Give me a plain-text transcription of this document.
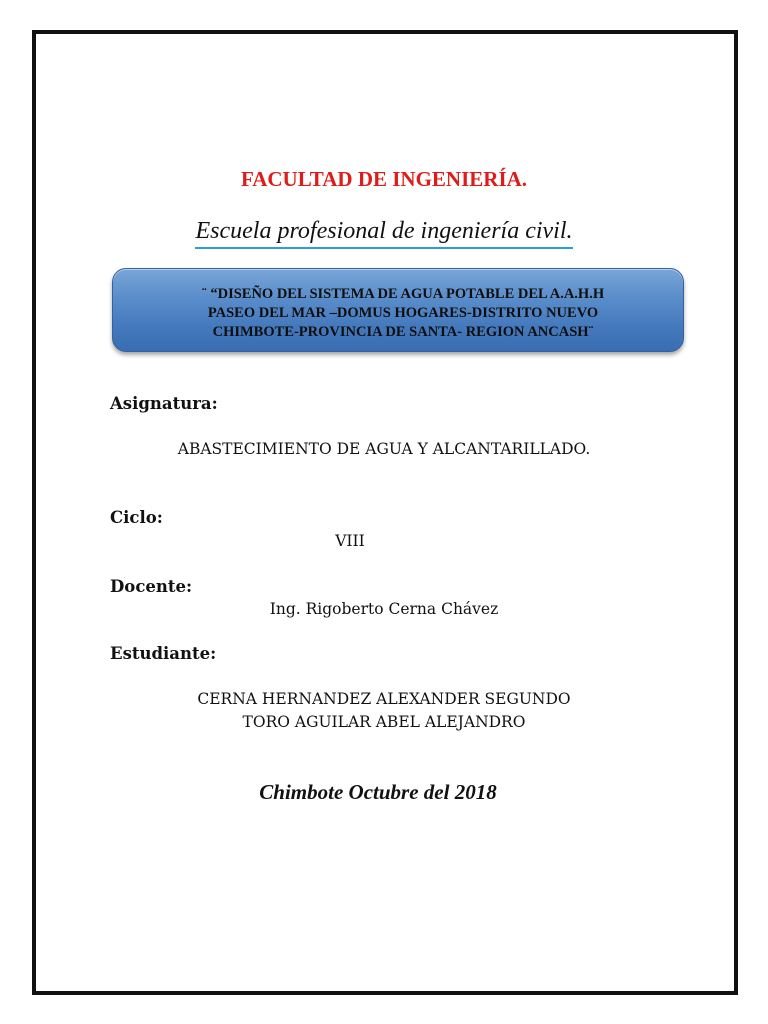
FACULTAD DE INGENIERÍA.
Escuela profesional de ingeniería civil.
¨ “DISEÑO DEL SISTEMA DE AGUA POTABLE DEL A.A.H.H
PASEO DEL MAR –DOMUS HOGARES-DISTRITO NUEVO
CHIMBOTE-PROVINCIA DE SANTA- REGION ANCASH¨
Asignatura:
ABASTECIMIENTO DE AGUA Y ALCANTARILLADO.
Ciclo:
VIII
Docente:
Ing. Rigoberto Cerna Chávez
Estudiante:
CERNA HERNANDEZ ALEXANDER SEGUNDO
TORO AGUILAR ABEL ALEJANDRO
Chimbote Octubre del 2018
